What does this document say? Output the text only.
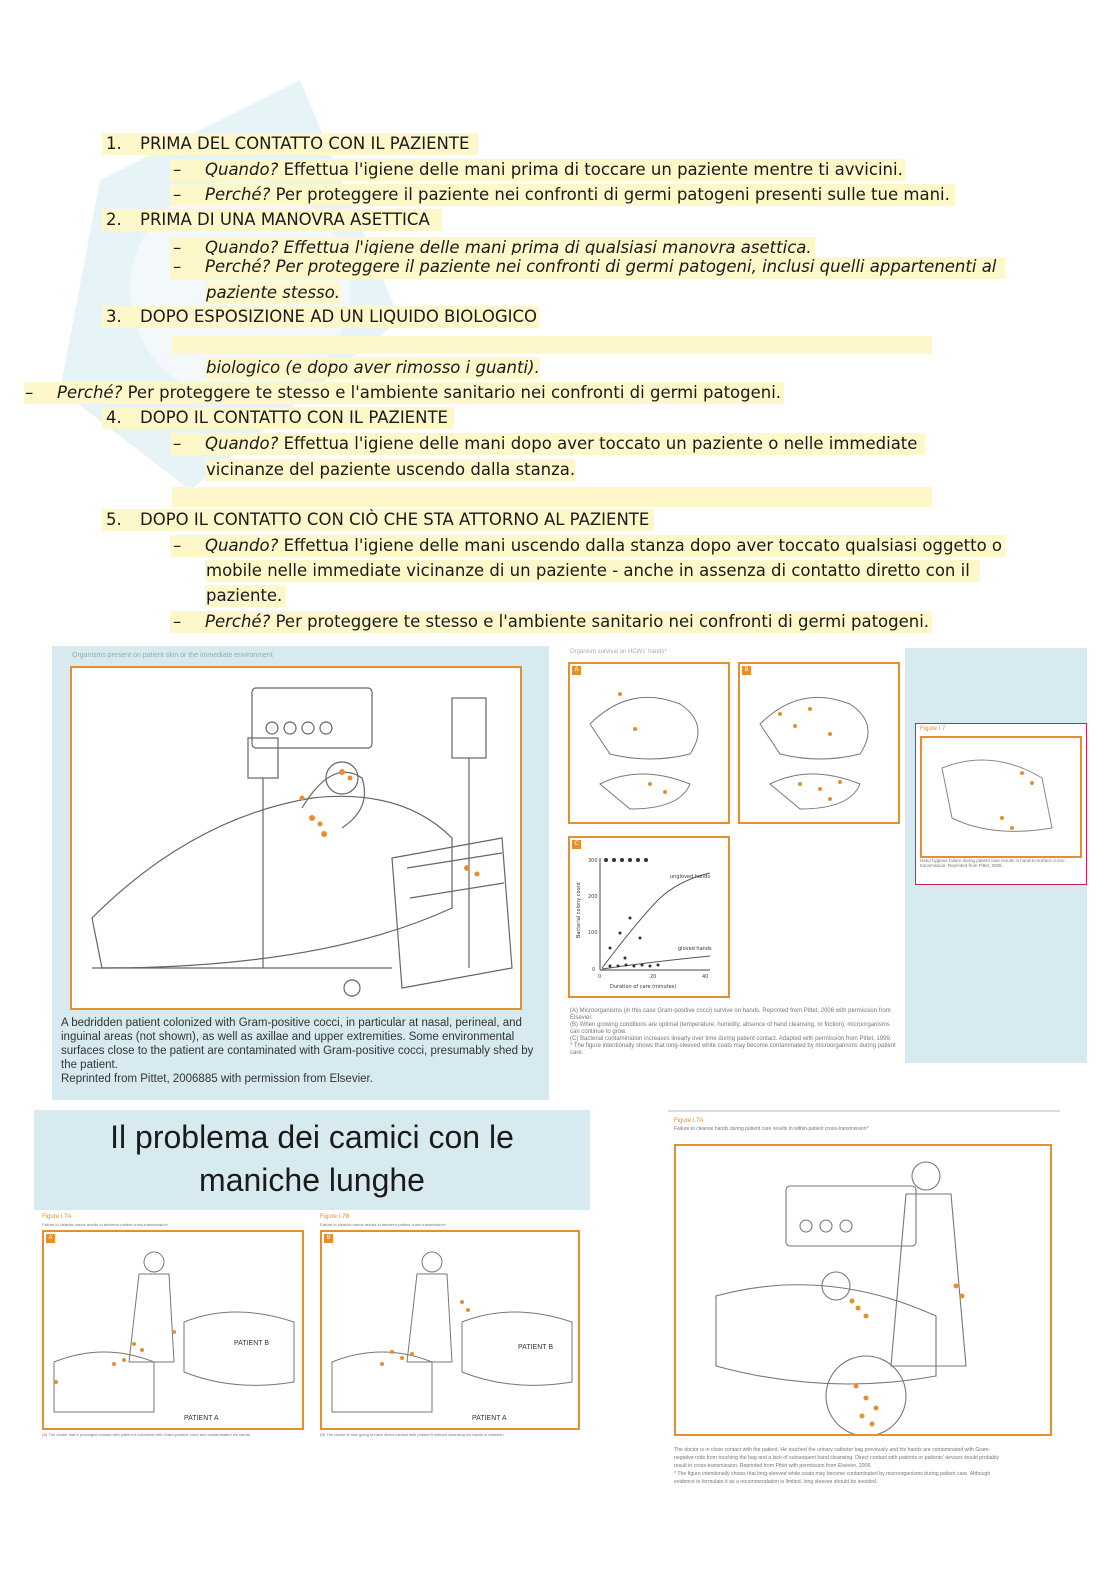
1. PRIMA DEL CONTATTO CON IL PAZIENTE
– Quando? Effettua l'igiene delle mani prima di toccare un paziente mentre ti avvicini.
– Perché? Per proteggere il paziente nei confronti di germi patogeni presenti sulle tue mani.
2. PRIMA DI UNA MANOVRA ASETTICA
– Quando? Effettua l'igiene delle mani prima di qualsiasi manovra asettica.
– Perché? Per proteggere il paziente nei confronti di germi patogeni, inclusi quelli appartenenti al
paziente stesso.
3. DOPO ESPOSIZIONE AD UN LIQUIDO BIOLOGICO
biologico (e dopo aver rimosso i guanti).
– Perché? Per proteggere te stesso e l'ambiente sanitario nei confronti di germi patogeni.
4. DOPO IL CONTATTO CON IL PAZIENTE
– Quando? Effettua l'igiene delle mani dopo aver toccato un paziente o nelle immediate
vicinanze del paziente uscendo dalla stanza.
5. DOPO IL CONTATTO CON CIÒ CHE STA ATTORNO AL PAZIENTE
– Quando? Effettua l'igiene delle mani uscendo dalla stanza dopo aver toccato qualsiasi oggetto o
mobile nelle immediate vicinanze di un paziente - anche in assenza di contatto diretto con il
paziente.
– Perché? Per proteggere te stesso e l'ambiente sanitario nei confronti di germi patogeni.
Organisms present on patient skin or the immediate environment
A bedridden patient colonized with Gram-positive cocci, in particular at nasal, perineal, and
inguinal areas (not shown), as well as axillae and upper extremities. Some environmental
surfaces close to the patient are contaminated with Gram-positive cocci, presumably shed by
the patient.
Reprinted from Pittet, 2006885 with permission from Elsevier.
Organism survival on HCWs' hands*
A	B
C
300
200
100
0
0	20	40
ungloved hands
gloved hands
Duration of care (minutes)
Bacterial colony count
(A) Microorganisms (in this case Gram-positive cocci) survive on hands. Reprinted from Pittet, 2006 with permission from Elsevier.
(B) When growing conditions are optimal (temperature, humidity, absence of hand cleansing, or friction), microorganisms can continue to grow.
(C) Bacterial contamination increases linearly over time during patient contact. Adapted with permission from Pittet, 1999.
* The figure intentionally shows that long-sleeved white coats may become contaminated by microorganisms during patient care.
Figure I.7
Hand hygiene failure during patient care results in hand-to-surface cross-transmission. Reprinted from Pittet, 2006.
Il problema dei camici con le
maniche lunghe
Figure I.7A
Failure to cleanse hands results in between-patient cross-transmission*
Figure I.7B
Failure to cleanse hands results in between-patient cross-transmission*
A
PATIENT B
PATIENT A
B
PATIENT B
PATIENT A
(A) The doctor had a prolonged contact with patient A colonized with Gram-positive cocci and contaminated his hands.	(B) The doctor is now going to have direct contact with patient B without cleansing his hands in between.
Figure I.7A
Failure to cleanse hands during patient care results in within-patient cross-transmission*
The doctor is in close contact with the patient. He touched the urinary catheter bag previously and his hands are contaminated with Gram-
negative rods from touching the bag and a lack of subsequent hand cleansing. Direct contact with patients or patients' devices would probably
result in cross-transmission. Reprinted from Pittet with permission from Elsevier, 2006.
* The figure intentionally shows that long-sleeved white coats may become contaminated by microorganisms during patient care. Although
evidence to formulate it as a recommendation is limited, long sleeves should be avoided.
